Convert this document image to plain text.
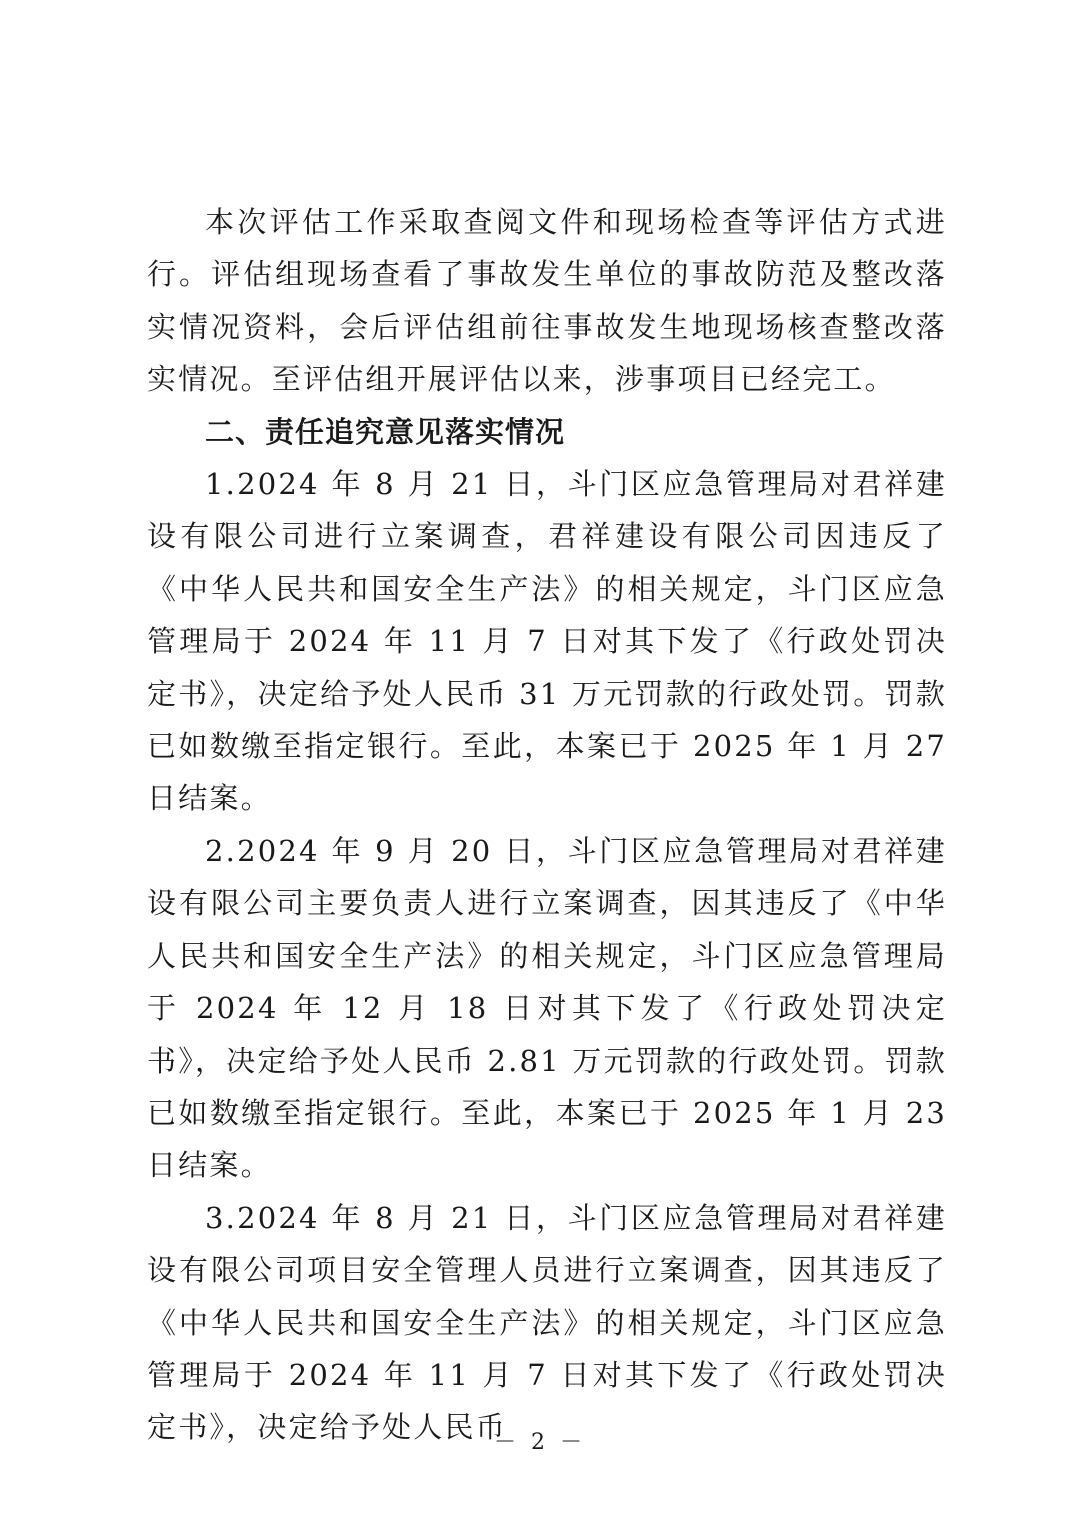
本次评估工作采取查阅文件和现场检查等评估方式进行。评估组现场查看了事故发生单位的事故防范及整改落实情况资料，会后评估组前往事故发生地现场核查整改落实情况。至评估组开展评估以来，涉事项目已经完工。

二、责任追究意见落实情况

1.2024 年 8 月 21 日，斗门区应急管理局对君祥建设有限公司进行立案调查，君祥建设有限公司因违反了《中华人民共和国安全生产法》的相关规定，斗门区应急管理局于 2024 年 11 月 7 日对其下发了《行政处罚决定书》，决定给予处人民币 31 万元罚款的行政处罚。罚款已如数缴至指定银行。至此，本案已于 2025 年 1 月 27 日结案。

2.2024 年 9 月 20 日，斗门区应急管理局对君祥建设有限公司主要负责人进行立案调查，因其违反了《中华人民共和国安全生产法》的相关规定，斗门区应急管理局于 2024 年 12 月 18 日对其下发了《行政处罚决定书》，决定给予处人民币 2.81 万元罚款的行政处罚。罚款已如数缴至指定银行。至此，本案已于 2025 年 1 月 23 日结案。

3.2024 年 8 月 21 日，斗门区应急管理局对君祥建设有限公司项目安全管理人员进行立案调查，因其违反了《中华人民共和国安全生产法》的相关规定，斗门区应急管理局于 2024 年 11 月 7 日对其下发了《行政处罚决定书》，决定给予处人民币

－ 2 －
